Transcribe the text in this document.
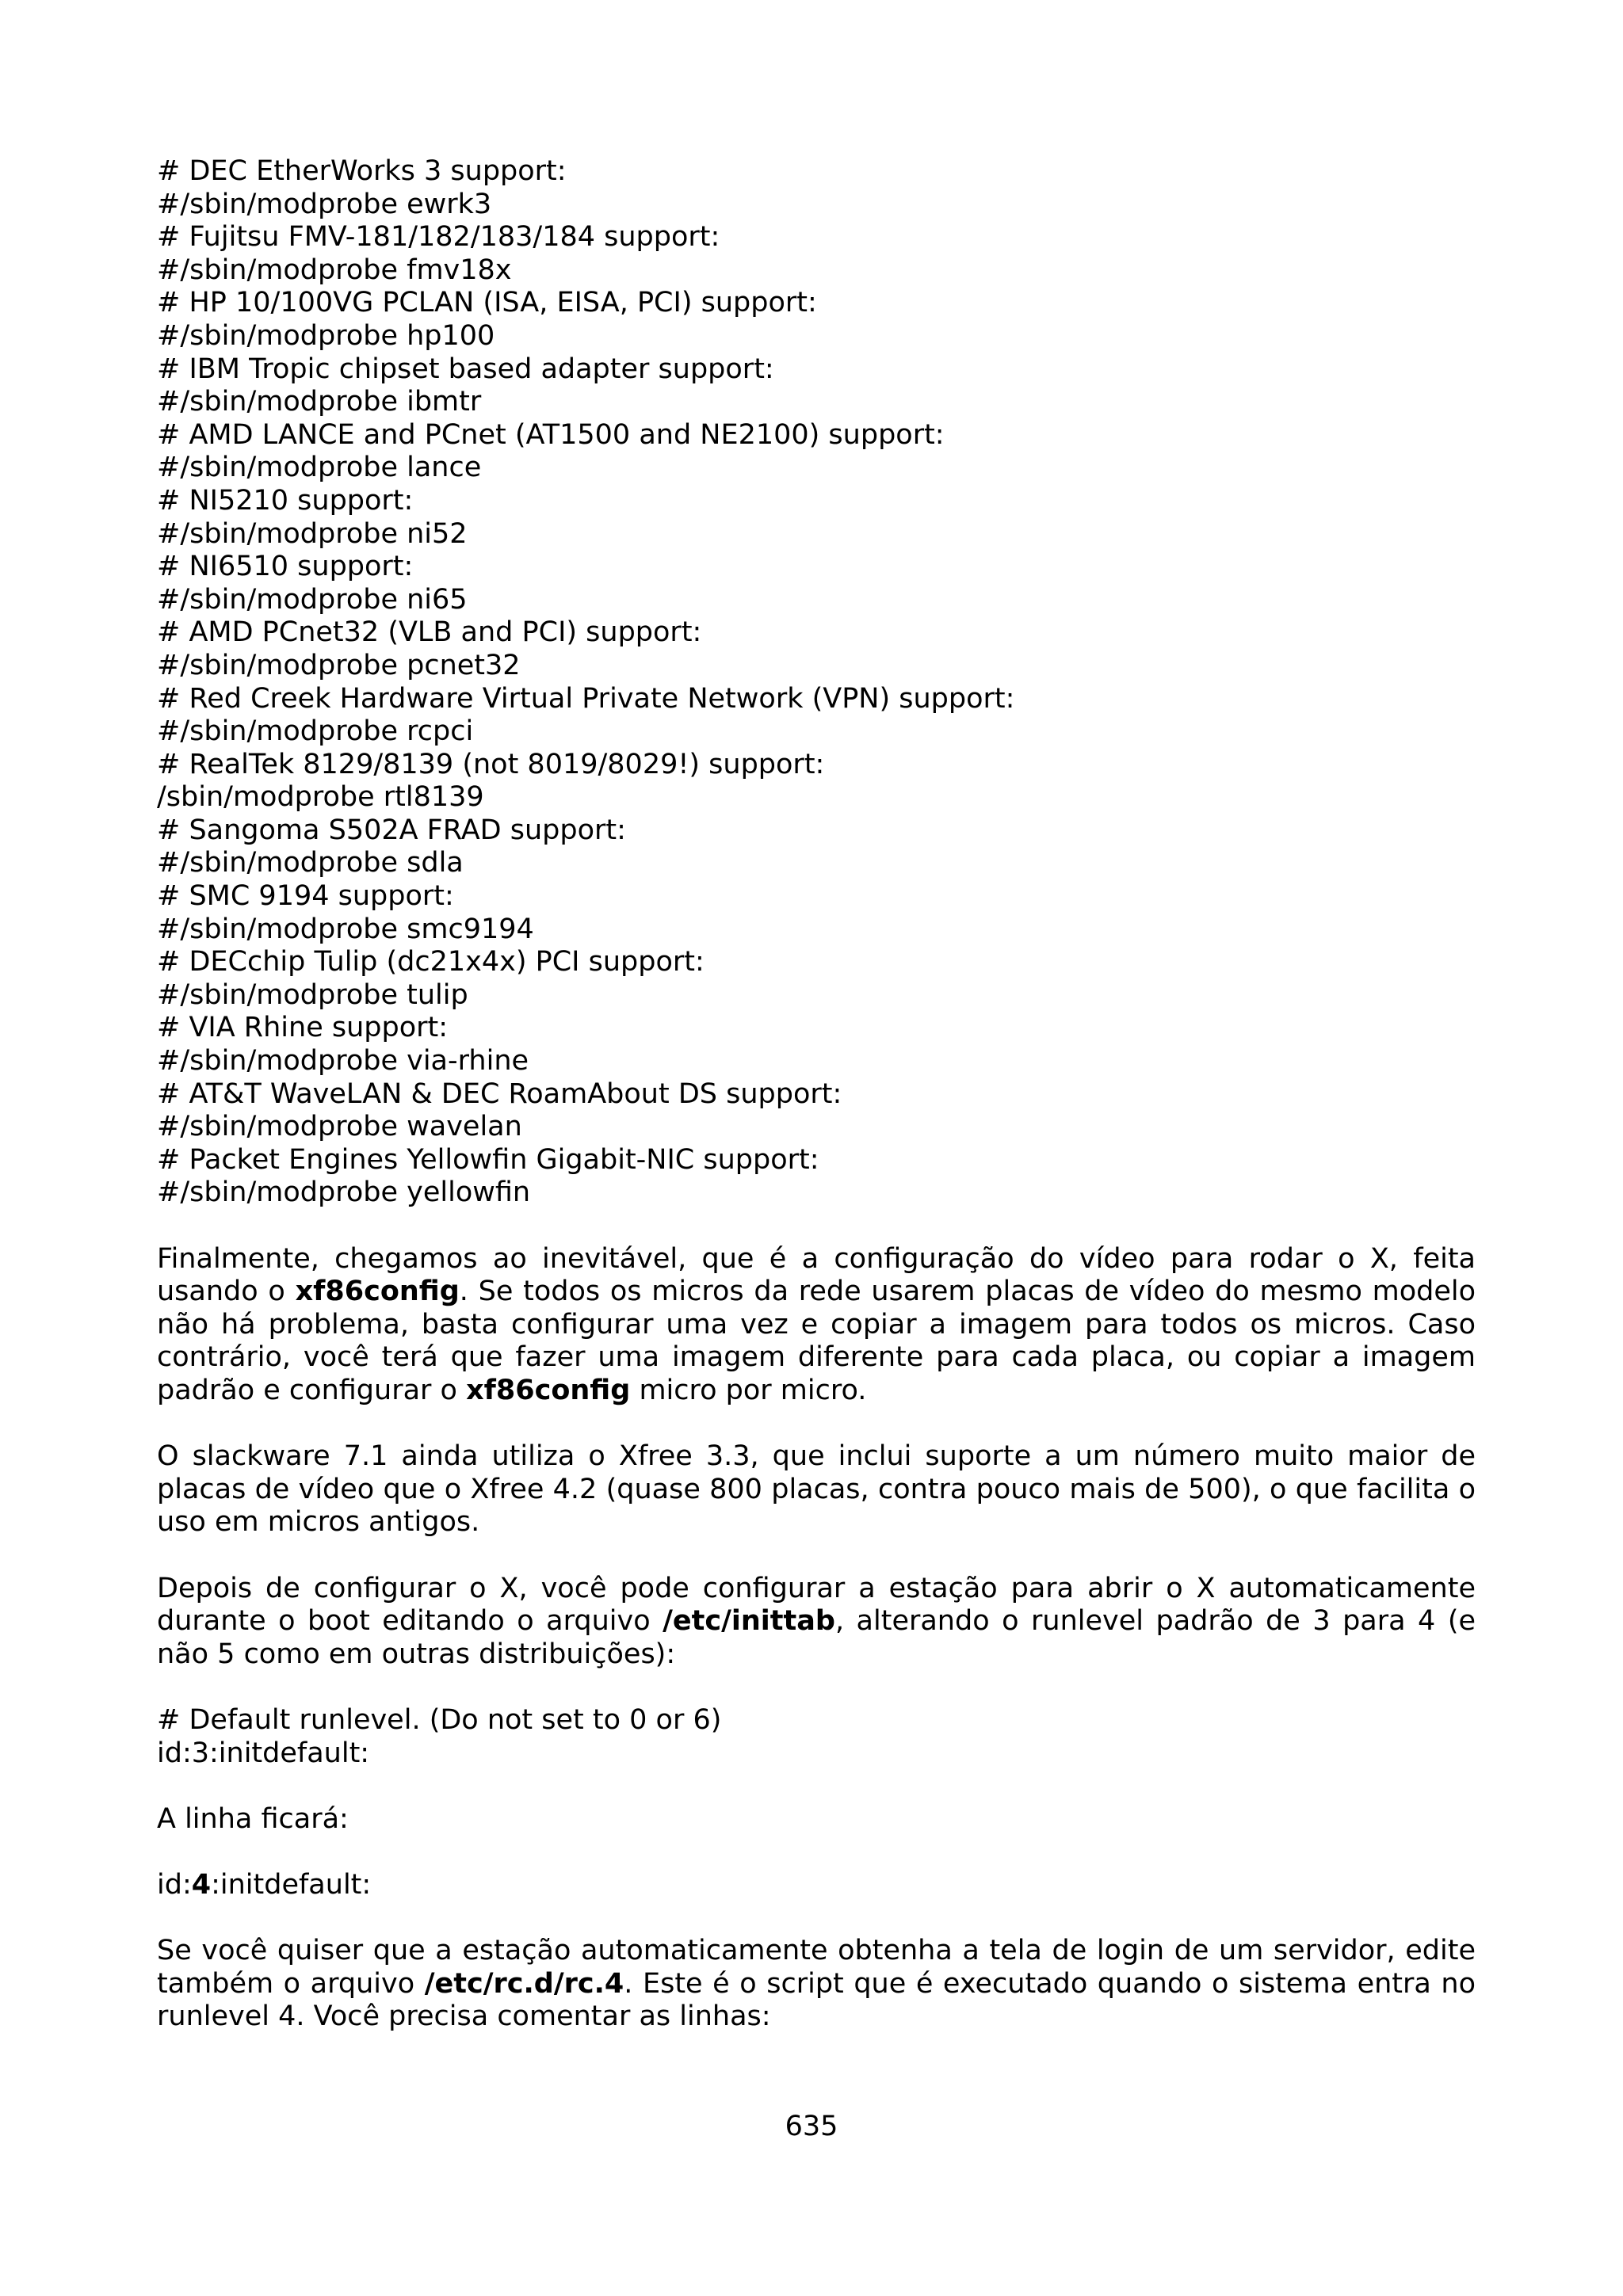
# DEC EtherWorks 3 support:
#/sbin/modprobe ewrk3
# Fujitsu FMV-181/182/183/184 support:
#/sbin/modprobe fmv18x
# HP 10/100VG PCLAN (ISA, EISA, PCI) support:
#/sbin/modprobe hp100
# IBM Tropic chipset based adapter support:
#/sbin/modprobe ibmtr
# AMD LANCE and PCnet (AT1500 and NE2100) support:
#/sbin/modprobe lance
# NI5210 support:
#/sbin/modprobe ni52
# NI6510 support:
#/sbin/modprobe ni65
# AMD PCnet32 (VLB and PCI) support:
#/sbin/modprobe pcnet32
# Red Creek Hardware Virtual Private Network (VPN) support:
#/sbin/modprobe rcpci
# RealTek 8129/8139 (not 8019/8029!) support:
/sbin/modprobe rtl8139
# Sangoma S502A FRAD support:
#/sbin/modprobe sdla
# SMC 9194 support:
#/sbin/modprobe smc9194
# DECchip Tulip (dc21x4x) PCI support:
#/sbin/modprobe tulip
# VIA Rhine support:
#/sbin/modprobe via-rhine
# AT&T WaveLAN & DEC RoamAbout DS support:
#/sbin/modprobe wavelan
# Packet Engines Yellowfin Gigabit-NIC support:
#/sbin/modprobe yellowfin

Finalmente, chegamos ao inevitável, que é a configuração do vídeo para rodar o X, feita usando o xf86config. Se todos os micros da rede usarem placas de vídeo do mesmo modelo não há problema, basta configurar uma vez e copiar a imagem para todos os micros. Caso contrário, você terá que fazer uma imagem diferente para cada placa, ou copiar a imagem padrão e configurar o xf86config micro por micro.

O slackware 7.1 ainda utiliza o Xfree 3.3, que inclui suporte a um número muito maior de placas de vídeo que o Xfree 4.2 (quase 800 placas, contra pouco mais de 500), o que facilita o uso em micros antigos.

Depois de configurar o X, você pode configurar a estação para abrir o X automaticamente durante o boot editando o arquivo /etc/inittab, alterando o runlevel padrão de 3 para 4 (e não 5 como em outras distribuições):

# Default runlevel. (Do not set to 0 or 6)
id:3:initdefault:
A linha ficará:
id:4:initdefault:

Se você quiser que a estação automaticamente obtenha a tela de login de um servidor, edite também o arquivo /etc/rc.d/rc.4. Este é o script que é executado quando o sistema entra no runlevel 4. Você precisa comentar as linhas:

635
